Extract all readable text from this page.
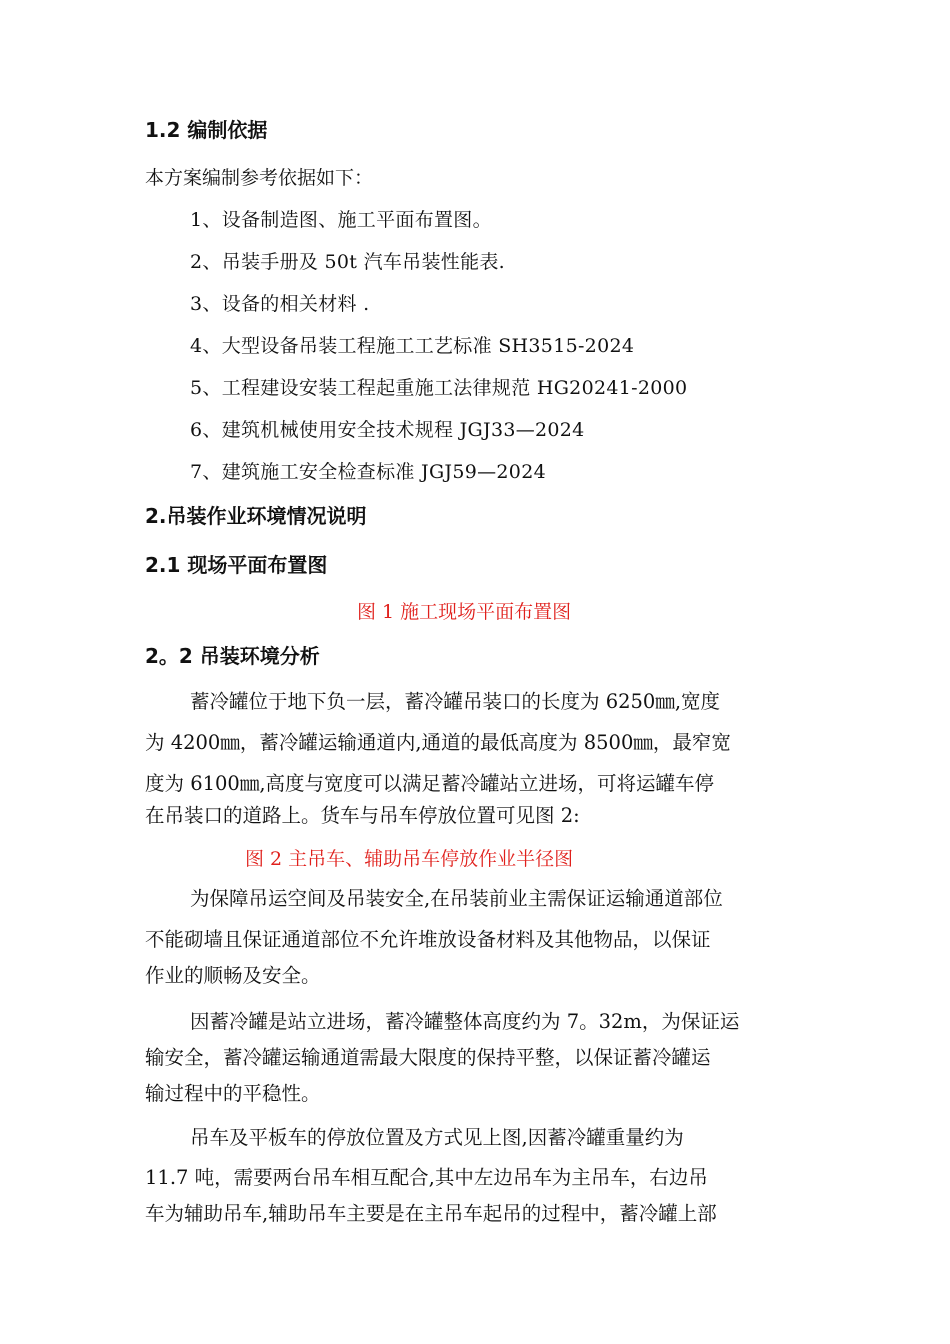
1.2 编制依据
本方案编制参考依据如下：
1、设备制造图、施工平面布置图。
2、吊装手册及 50t 汽车吊装性能表.
3、设备的相关材料 .
4、大型设备吊装工程施工工艺标准 SH3515-2024
5、工程建设安装工程起重施工法律规范 HG20241-2000
6、建筑机械使用安全技术规程 JGJ33—2024
7、建筑施工安全检查标准 JGJ59—2024
2.吊装作业环境情况说明
2.1 现场平面布置图
图 1 施工现场平面布置图
2。2 吊装环境分析
蓄冷罐位于地下负一层，蓄冷罐吊装口的长度为 6250㎜,宽度
为 4200㎜，蓄冷罐运输通道内,通道的最低高度为 8500㎜，最窄宽
度为 6100㎜,高度与宽度可以满足蓄冷罐站立进场，可将运罐车停
在吊装口的道路上。货车与吊车停放位置可见图 2:
图 2 主吊车、辅助吊车停放作业半径图
为保障吊运空间及吊装安全,在吊装前业主需保证运输通道部位
不能砌墙且保证通道部位不允许堆放设备材料及其他物品，以保证
作业的顺畅及安全。
因蓄冷罐是站立进场，蓄冷罐整体高度约为 7。32m，为保证运
输安全，蓄冷罐运输通道需最大限度的保持平整，以保证蓄冷罐运
输过程中的平稳性。
吊车及平板车的停放位置及方式见上图,因蓄冷罐重量约为
11.7 吨，需要两台吊车相互配合,其中左边吊车为主吊车，右边吊
车为辅助吊车,辅助吊车主要是在主吊车起吊的过程中，蓄冷罐上部
